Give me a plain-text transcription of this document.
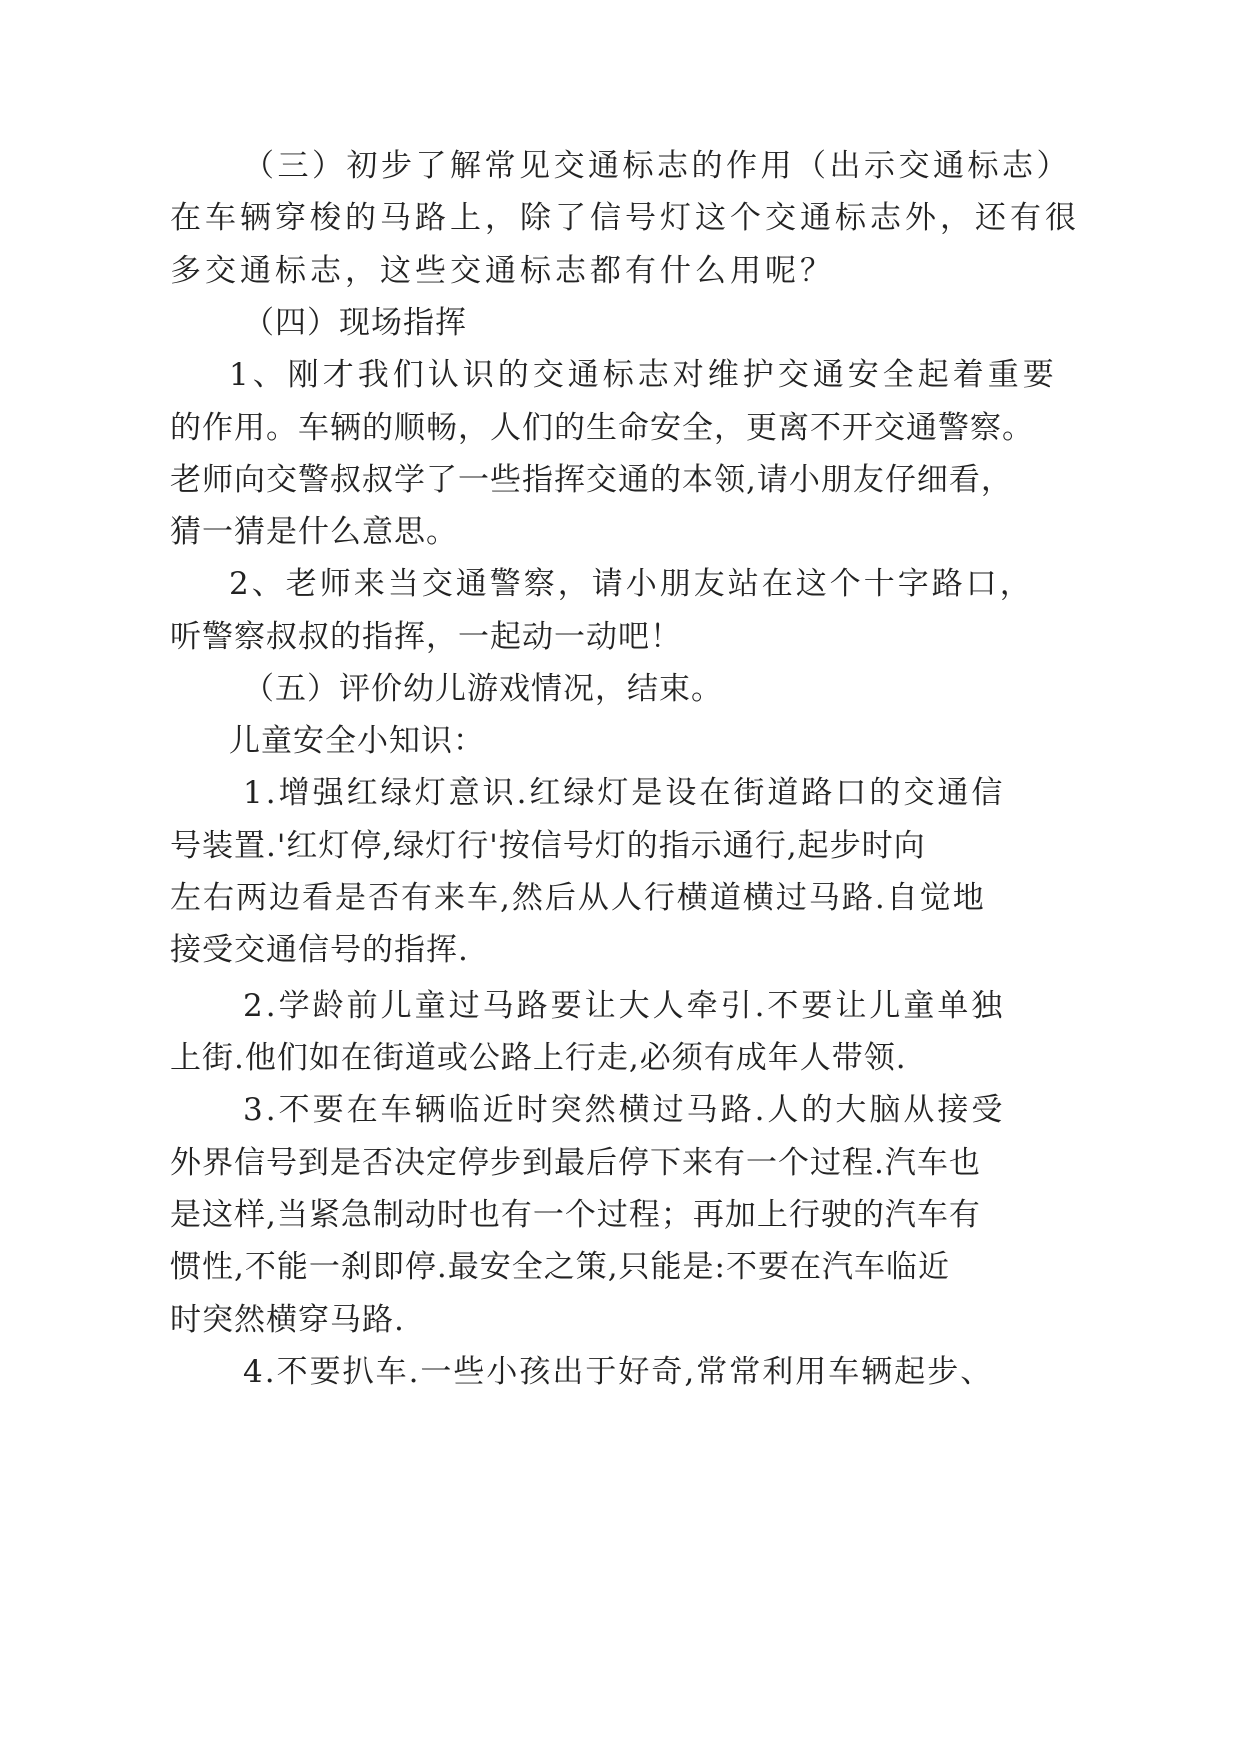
（三）初步了解常见交通标志的作用（出示交通标志）
在车辆穿梭的马路上，除了信号灯这个交通标志外，还有很
多交通标志，这些交通标志都有什么用呢？
（四）现场指挥
1、刚才我们认识的交通标志对维护交通安全起着重要
的作用。车辆的顺畅，人们的生命安全，更离不开交通警察。
老师向交警叔叔学了一些指挥交通的本领,请小朋友仔细看，
猜一猜是什么意思。
2、老师来当交通警察，请小朋友站在这个十字路口，
听警察叔叔的指挥，一起动一动吧！
（五）评价幼儿游戏情况，结束。
儿童安全小知识：
1.增强红绿灯意识.红绿灯是设在街道路口的交通信
号装置.'红灯停,绿灯行'按信号灯的指示通行,起步时向
左右两边看是否有来车,然后从人行横道横过马路.自觉地
接受交通信号的指挥.
2.学龄前儿童过马路要让大人牵引.不要让儿童单独
上街.他们如在街道或公路上行走,必须有成年人带领.
3.不要在车辆临近时突然横过马路.人的大脑从接受
外界信号到是否决定停步到最后停下来有一个过程.汽车也
是这样,当紧急制动时也有一个过程；再加上行驶的汽车有
惯性,不能一刹即停.最安全之策,只能是:不要在汽车临近
时突然横穿马路.
4.不要扒车.一些小孩出于好奇,常常利用车辆起步、
